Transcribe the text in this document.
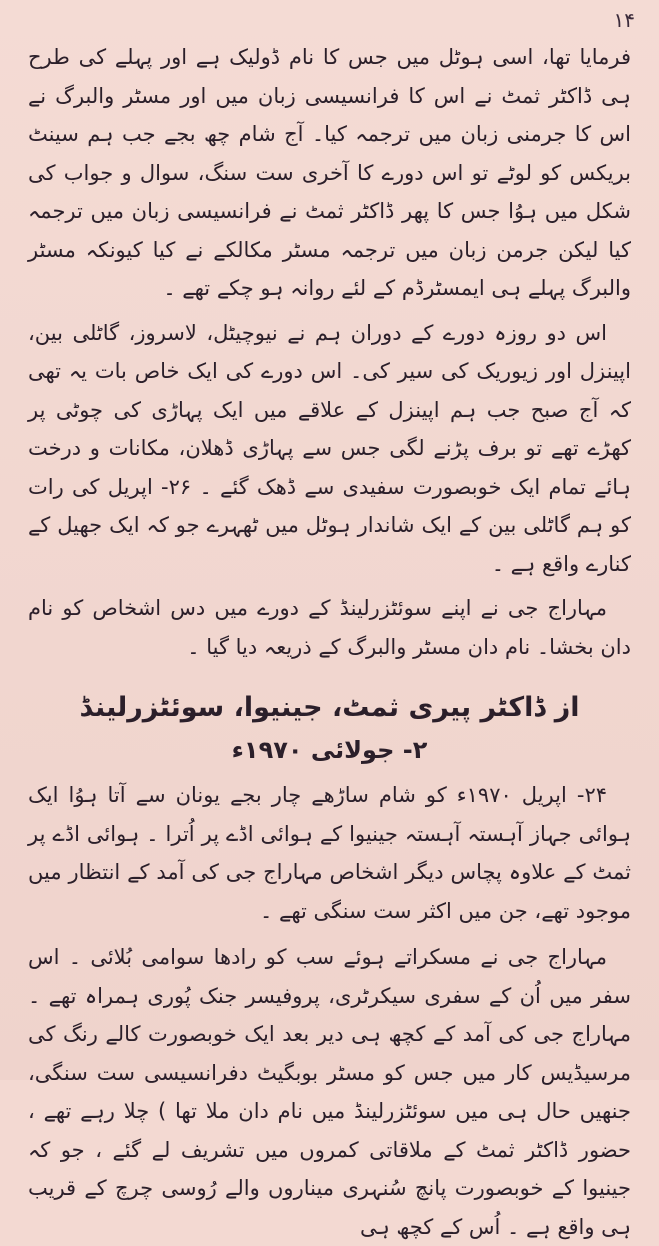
۱۴

فرمایا تھا، اسی ہوٹل میں جس کا نام ڈولیک ہے اور پہلے کی طرح ہی ڈاکٹر ثمٹ نے اس کا فرانسیسی زبان میں اور مسٹر والبرگ نے اس کا جرمنی زبان میں ترجمہ کیا۔ آج شام چھ بجے جب ہم سینٹ بریکس کو لوٹے تو اس دورے کا آخری ست سنگ، سوال و جواب کی شکل میں ہوُا جس کا پھر ڈاکٹر ثمٹ نے فرانسیسی زبان میں ترجمہ کیا لیکن جرمن زبان میں ترجمہ مسٹر مکالکے نے کیا کیونکہ مسٹر والبرگ پہلے ہی ایمسٹرڈم کے لئے روانہ ہو چکے تھے ۔

اس دو روزہ دورے کے دوران ہم نے نیوچیٹل، لاسروز، گاٹلی بین، اپینزل اور زیوریک کی سیر کی۔ اس دورے کی ایک خاص بات یہ تھی کہ آج صبح جب ہم اپینزل کے علاقے میں ایک پہاڑی کی چوٹی پر کھڑے تھے تو برف پڑنے لگی جس سے پہاڑی ڈھلان، مکانات و درخت ہائے تمام ایک خوبصورت سفیدی سے ڈھک گئے ۔ ۲۶- اپریل کی رات کو ہم گاٹلی بین کے ایک شاندار ہوٹل میں ٹھہرے جو کہ ایک جھیل کے کنارے واقع ہے ۔

مہاراج جی نے اپنے سوئٹزرلینڈ کے دورے میں دس اشخاص کو نام دان بخشا۔ نام دان مسٹر والبرگ کے ذریعہ دیا گیا ۔

از ڈاکٹر پیری ثمٹ، جینیوا، سوئٹزرلینڈ
۲- جولائی ۱۹۷۰ء

۲۴- اپریل ۱۹۷۰ء کو شام ساڑھے چار بجے یونان سے آتا ہوُا ایک ہوائی جہاز آہستہ آہستہ جینیوا کے ہوائی اڈے پر اُترا ۔ ہوائی اڈے پر ثمٹ کے علاوہ پچاس دیگر اشخاص مہاراج جی کی آمد کے انتظار میں موجود تھے، جن میں اکثر ست سنگی تھے ۔

مہاراج جی نے مسکراتے ہوئے سب کو رادھا سوامی بُلائی ۔ اس سفر میں اُن کے سفری سیکرٹری، پروفیسر جنک پُوری ہمراہ تھے ۔ مہاراج جی کی آمد کے کچھ ہی دیر بعد ایک خوبصورت کالے رنگ کی مرسیڈیس کار میں جس کو مسٹر بوبگیٹ دفرانسیسی ست سنگی، جنھیں حال ہی میں سوئٹزرلینڈ میں نام دان ملا تھا ) چلا رہے تھے ، حضور ڈاکٹر ثمٹ کے ملاقاتی کمروں میں تشریف لے گئے ، جو کہ جینیوا کے خوبصورت پانچ سُنہری میناروں والے رُوسی چرچ کے قریب ہی واقع ہے ۔ اُس کے کچھ ہی
